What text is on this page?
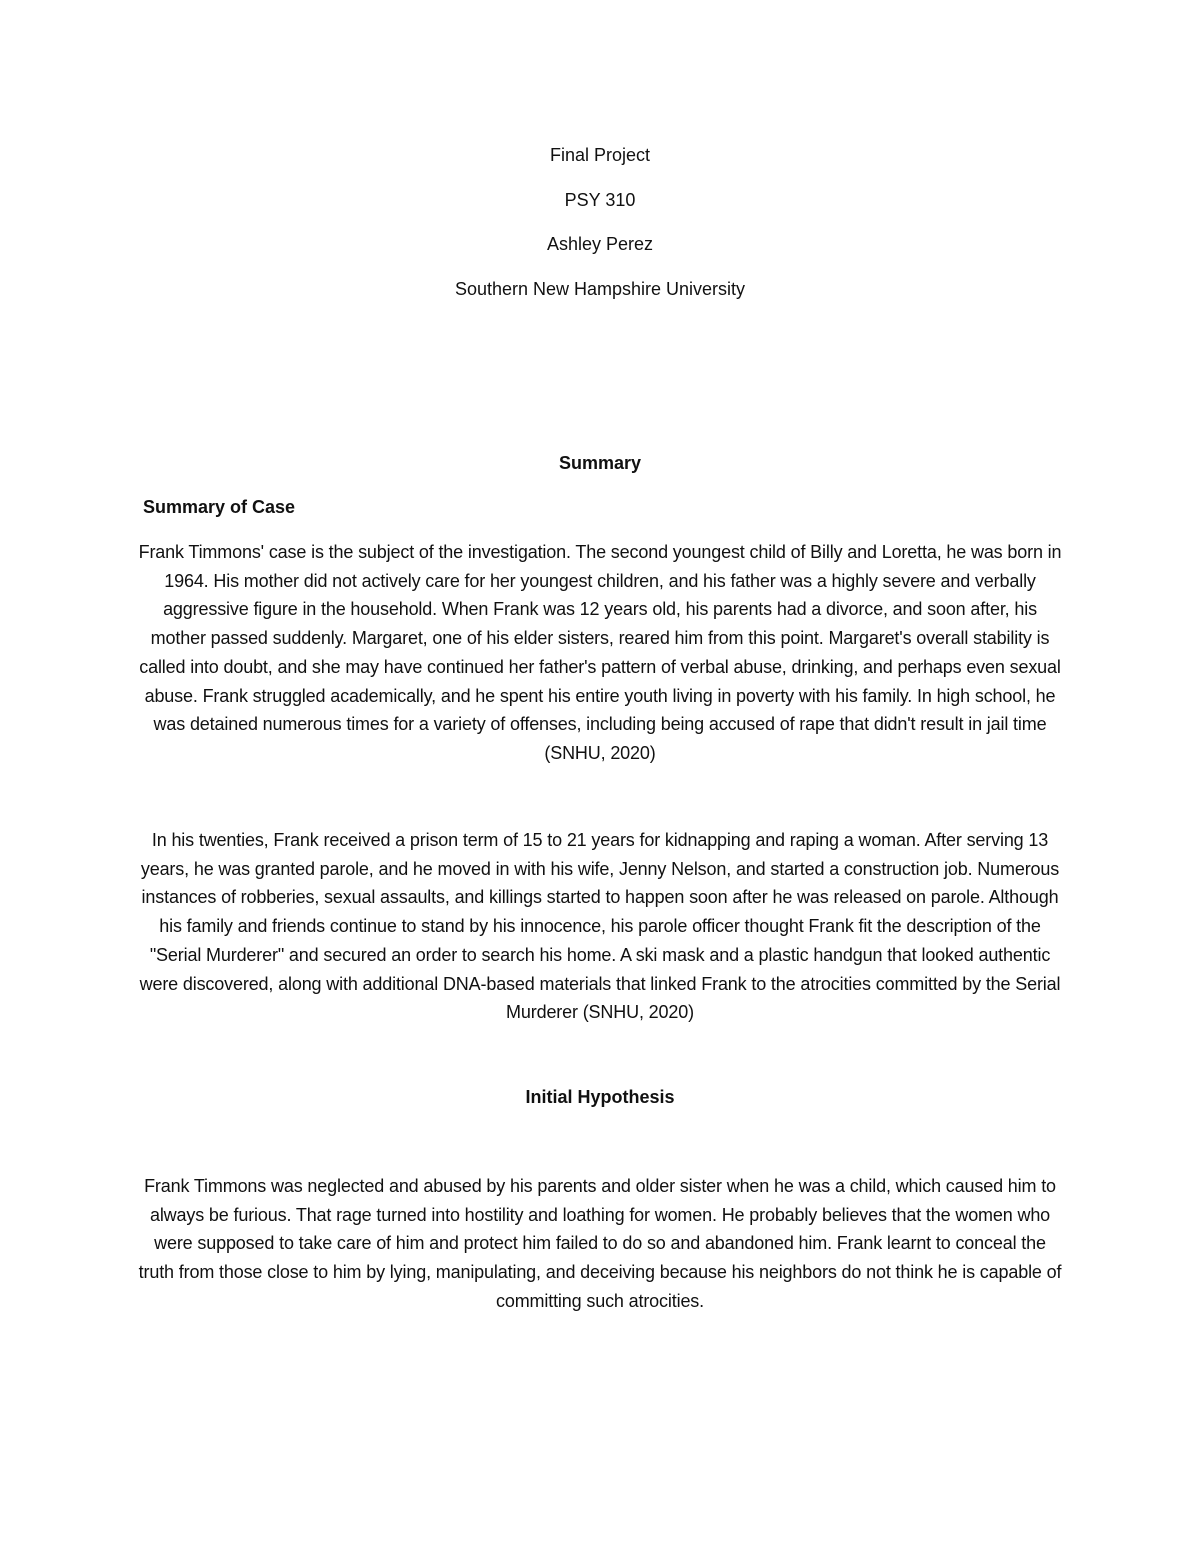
Final Project

PSY 310

Ashley Perez

Southern New Hampshire University

Summary
Summary of Case

Frank Timmons' case is the subject of the investigation. The second youngest child of Billy and Loretta, he was born in 1964. His mother did not actively care for her youngest children, and his father was a highly severe and verbally aggressive figure in the household. When Frank was 12 years old, his parents had a divorce, and soon after, his mother passed suddenly. Margaret, one of his elder sisters, reared him from this point. Margaret's overall stability is called into doubt, and she may have continued her father's pattern of verbal abuse, drinking, and perhaps even sexual abuse. Frank struggled academically, and he spent his entire youth living in poverty with his family. In high school, he was detained numerous times for a variety of offenses, including being accused of rape that didn't result in jail time (SNHU, 2020)

In his twenties, Frank received a prison term of 15 to 21 years for kidnapping and raping a woman. After serving 13 years, he was granted parole, and he moved in with his wife, Jenny Nelson, and started a construction job. Numerous instances of robberies, sexual assaults, and killings started to happen soon after he was released on parole. Although his family and friends continue to stand by his innocence, his parole officer thought Frank fit the description of the "Serial Murderer" and secured an order to search his home. A ski mask and a plastic handgun that looked authentic were discovered, along with additional DNA-based materials that linked Frank to the atrocities committed by the Serial Murderer (SNHU, 2020)

Initial Hypothesis

Frank Timmons was neglected and abused by his parents and older sister when he was a child, which caused him to always be furious. That rage turned into hostility and loathing for women. He probably believes that the women who were supposed to take care of him and protect him failed to do so and abandoned him. Frank learnt to conceal the truth from those close to him by lying, manipulating, and deceiving because his neighbors do not think he is capable of committing such atrocities.
